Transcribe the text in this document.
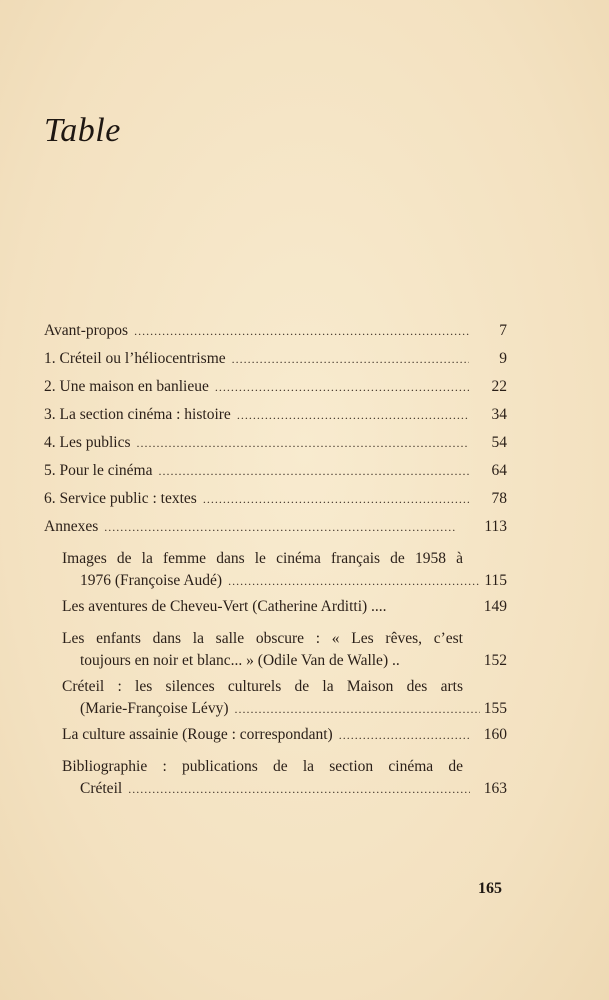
Table
Avant-propos . . .	7
1. Créteil ou l’héliocentrisme . . .	9
2. Une maison en banlieue . . .	22
3. La section cinéma : histoire . . .	34
4. Les publics . . .	54
5. Pour le cinéma . . .	64
6. Service public : textes . . .	78
Annexes . . .	113
Images de la femme dans le cinéma français de 1958 à
1976 (Françoise Audé) . . .	115
Les aventures de Cheveu-Vert (Catherine Arditti) ....	149
Les enfants dans la salle obscure : « Les rêves, c’est
toujours en noir et blanc... » (Odile Van de Walle) ..	152
Créteil : les silences culturels de la Maison des arts
(Marie-Françoise Lévy) . . .	155
La culture assainie (Rouge : correspondant) . . .	160
Bibliographie : publications de la section cinéma de
Créteil . . .	163
165
